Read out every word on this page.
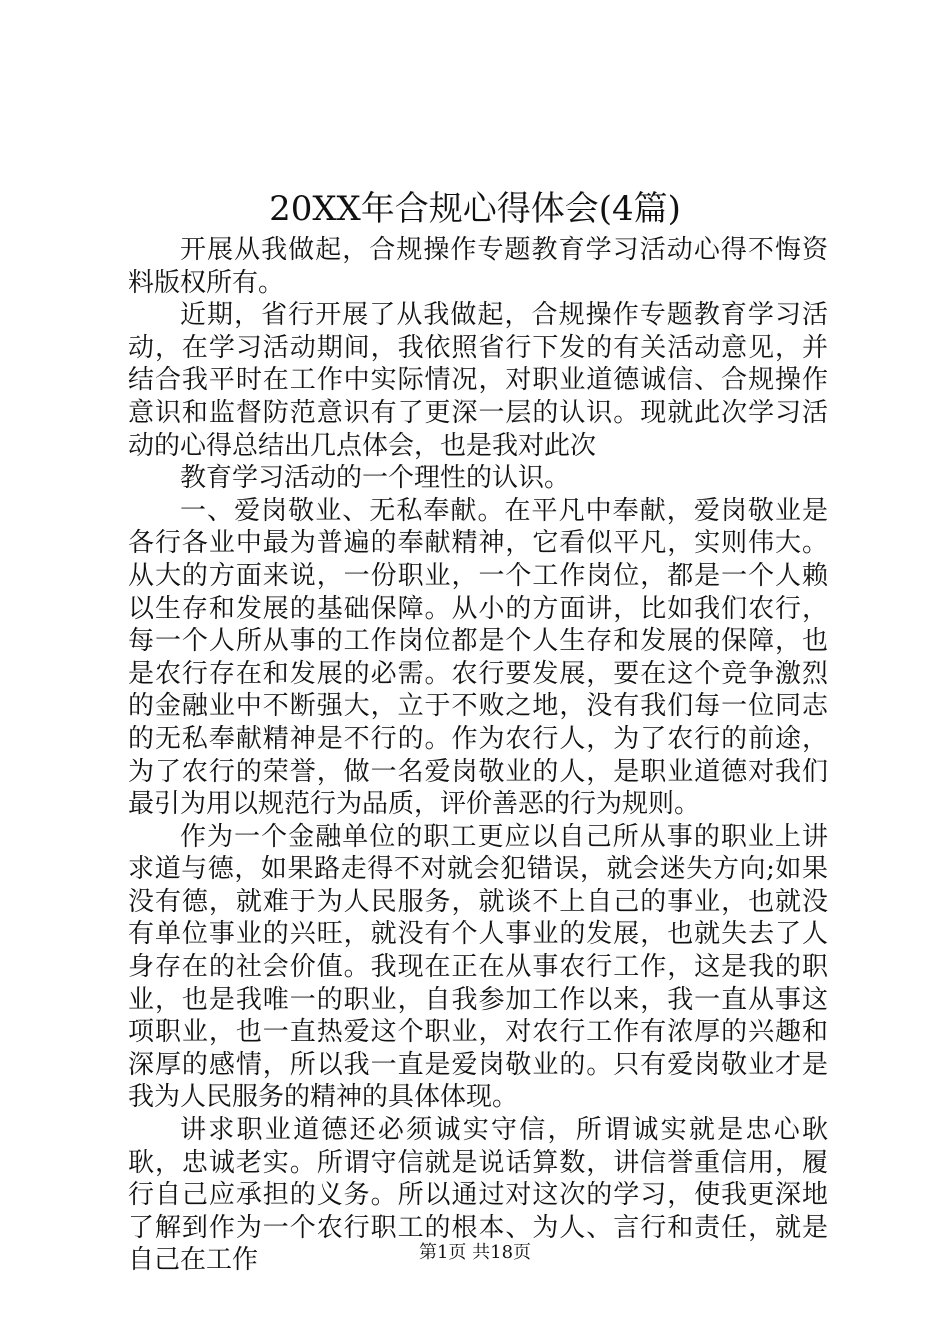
20XX年合规心得体会(4篇)

开展从我做起，合规操作专题教育学习活动心得不悔资料版权所有。

近期，省行开展了从我做起，合规操作专题教育学习活动，在学习活动期间，我依照省行下发的有关活动意见，并结合我平时在工作中实际情况，对职业道德诚信、合规操作意识和监督防范意识有了更深一层的认识。现就此次学习活动的心得总结出几点体会，也是我对此次

教育学习活动的一个理性的认识。

一、爱岗敬业、无私奉献。在平凡中奉献，爱岗敬业是各行各业中最为普遍的奉献精神，它看似平凡，实则伟大。从大的方面来说，一份职业，一个工作岗位，都是一个人赖以生存和发展的基础保障。从小的方面讲，比如我们农行，每一个人所从事的工作岗位都是个人生存和发展的保障，也是农行存在和发展的必需。农行要发展，要在这个竞争激烈的金融业中不断强大，立于不败之地，没有我们每一位同志的无私奉献精神是不行的。作为农行人，为了农行的前途，为了农行的荣誉，做一名爱岗敬业的人，是职业道德对我们最引为用以规范行为品质，评价善恶的行为规则。

作为一个金融单位的职工更应以自己所从事的职业上讲求道与德，如果路走得不对就会犯错误，就会迷失方向;如果没有德，就难于为人民服务，就谈不上自己的事业，也就没有单位事业的兴旺，就没有个人事业的发展，也就失去了人身存在的社会价值。我现在正在从事农行工作，这是我的职业，也是我唯一的职业，自我参加工作以来，我一直从事这项职业，也一直热爱这个职业，对农行工作有浓厚的兴趣和深厚的感情，所以我一直是爱岗敬业的。只有爱岗敬业才是我为人民服务的精神的具体体现。

讲求职业道德还必须诚实守信，所谓诚实就是忠心耿耿，忠诚老实。所谓守信就是说话算数，讲信誉重信用，履行自己应承担的义务。所以通过对这次的学习，使我更深地了解到作为一个农行职工的根本、为人、言行和责任，就是自己在工作	第1页 共18页
